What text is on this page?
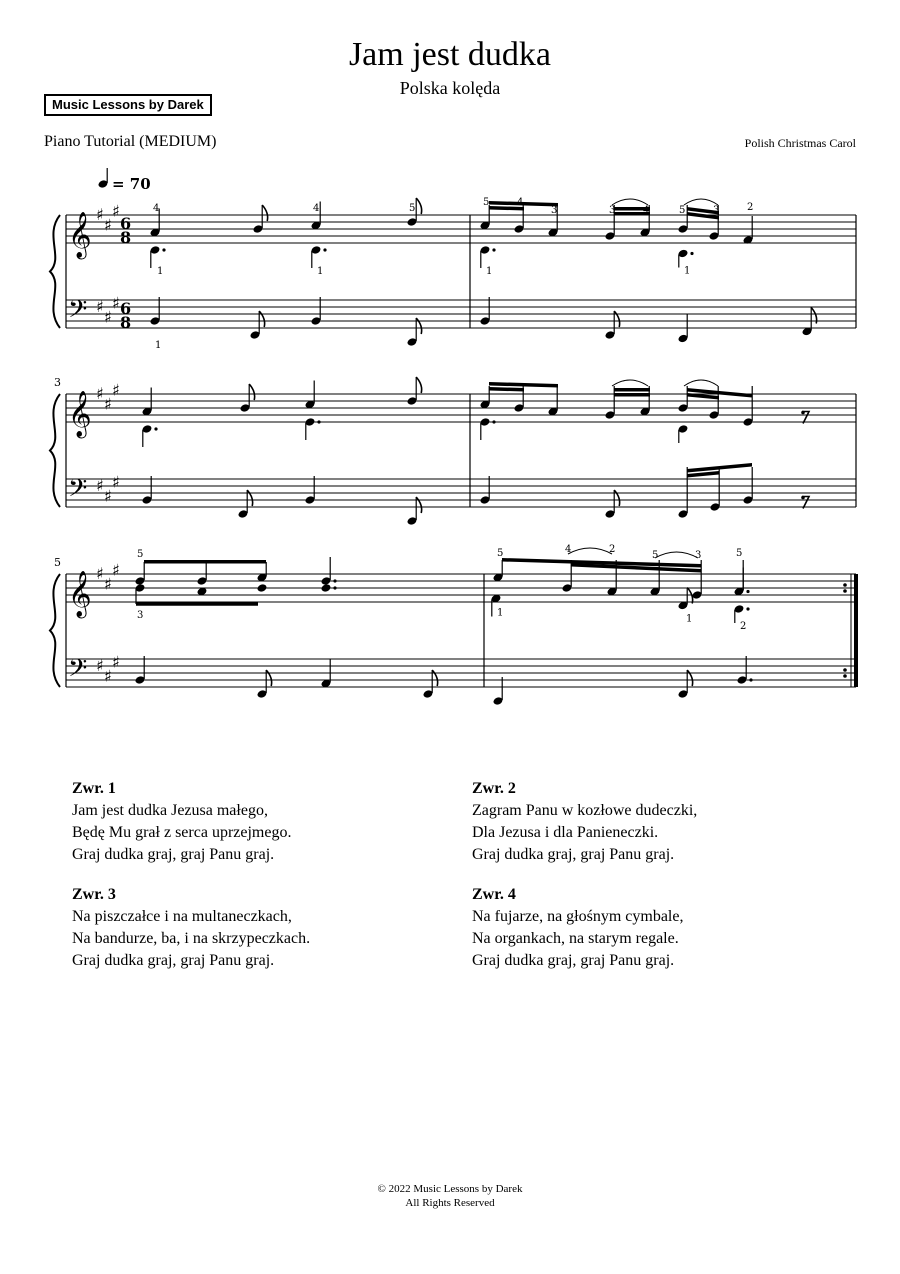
Jam jest dudka
Polska kolęda
Music Lessons by Darek
Piano Tutorial (MEDIUM)	Polish Christmas Carol
𝄞
𝄢
♯
♯
♯
♯
♯
♯
6
8
6
8
𝄞
𝄢
♯
♯
♯
♯
♯
♯
3
𝄞
𝄢
♯
♯
♯
♯
♯
♯
5
= 70
4	4	5
1	1
5	4
3	3	4	5	3	2
1	1
1
5
3
5	4	2
5	3	5
1
1
2
Zwr. 1
Jam jest dudka Jezusa małego,
Będę Mu grał z serca uprzejmego.
Graj dudka graj, graj Panu graj.
Zwr. 2
Zagram Panu w kozłowe dudeczki,
Dla Jezusa i dla Panieneczki.
Graj dudka graj, graj Panu graj.
Zwr. 3
Na piszczałce i na multaneczkach,
Na bandurze, ba, i na skrzypeczkach.
Graj dudka graj, graj Panu graj.
Zwr. 4
Na fujarze, na głośnym cymbale,
Na organkach, na starym regale.
Graj dudka graj, graj Panu graj.
© 2022 Music Lessons by Darek
All Rights Reserved
